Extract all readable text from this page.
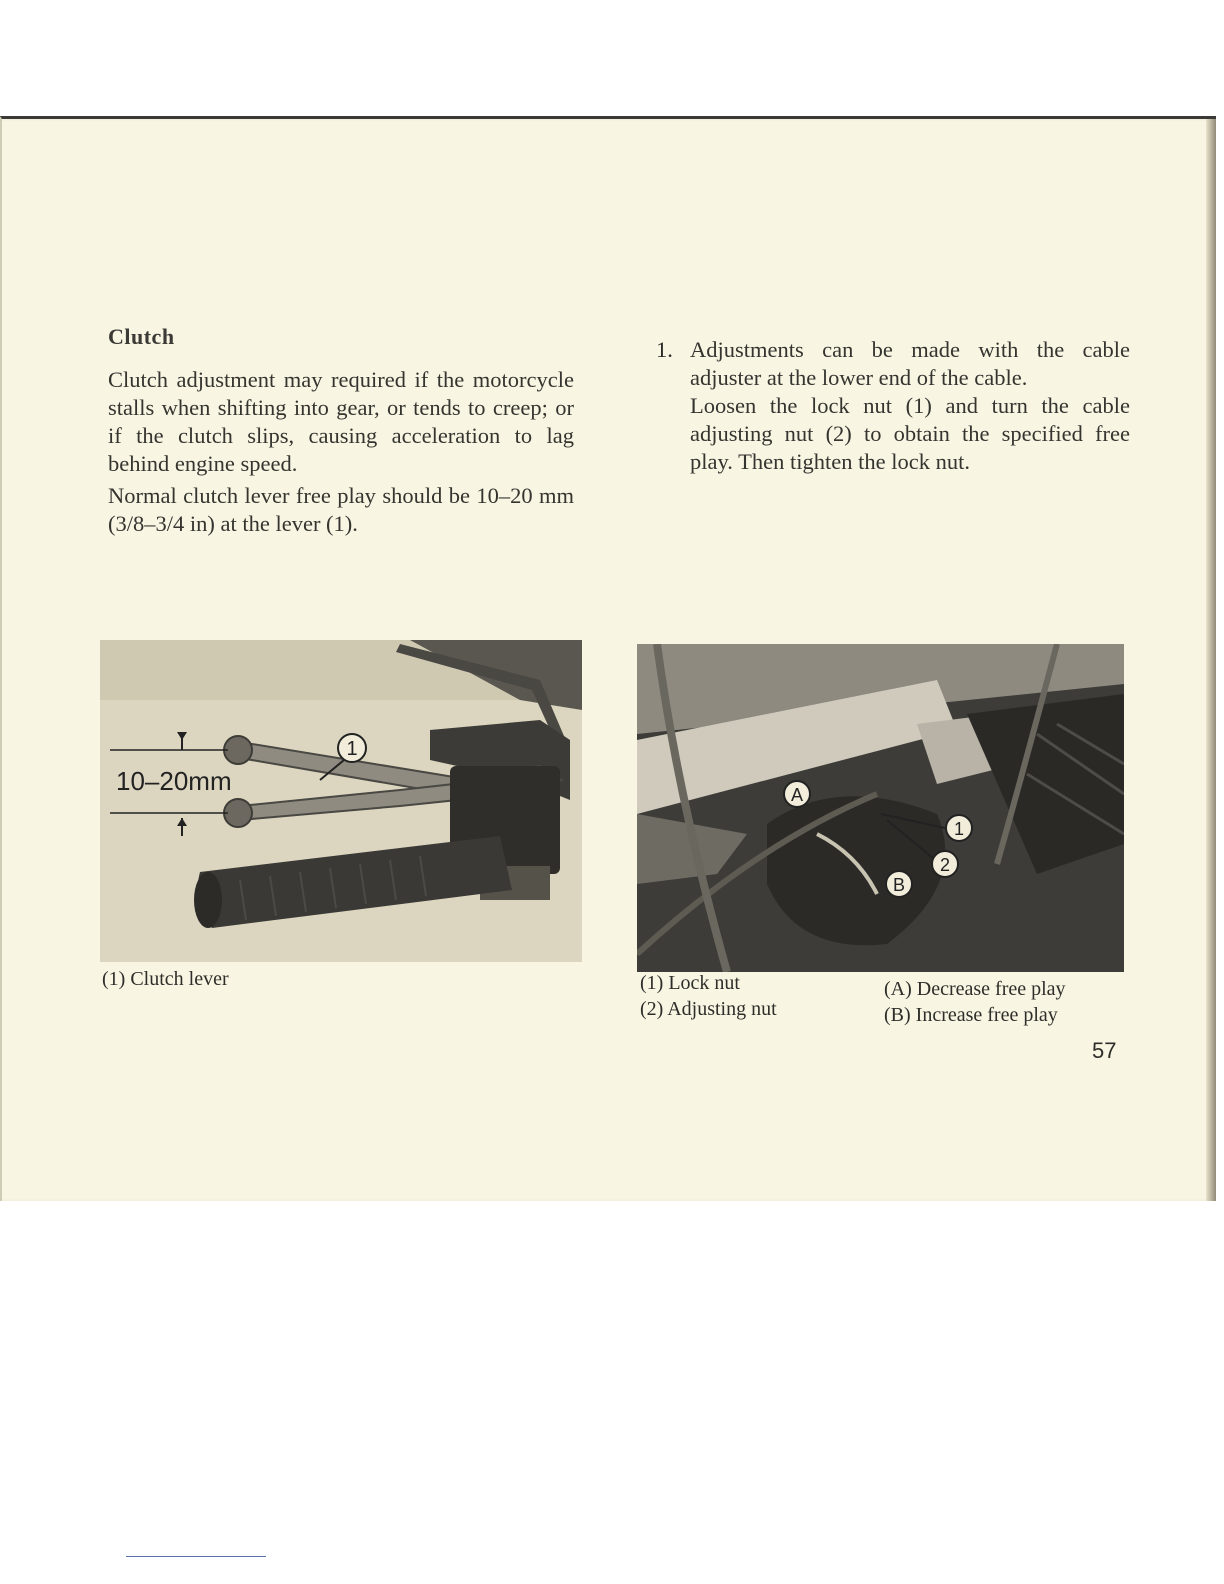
Clutch

Clutch adjustment may required if the motorcycle stalls when shifting into gear, or tends to creep; or if the clutch slips, causing acceleration to lag behind engine speed.

Normal clutch lever free play should be 10–20 mm (3/8–3/4 in) at the lever (1).

1. Adjustments can be made with the cable adjuster at the lower end of the cable.

Loosen the lock nut (1) and turn the cable adjusting nut (2) to obtain the specified free play. Then tighten the lock nut.

10–20mm
1
(1) Clutch lever
A
B
1
2
(1) Lock nut
(2) Adjusting nut
(A) Decrease free play
(B) Increase free play
57
